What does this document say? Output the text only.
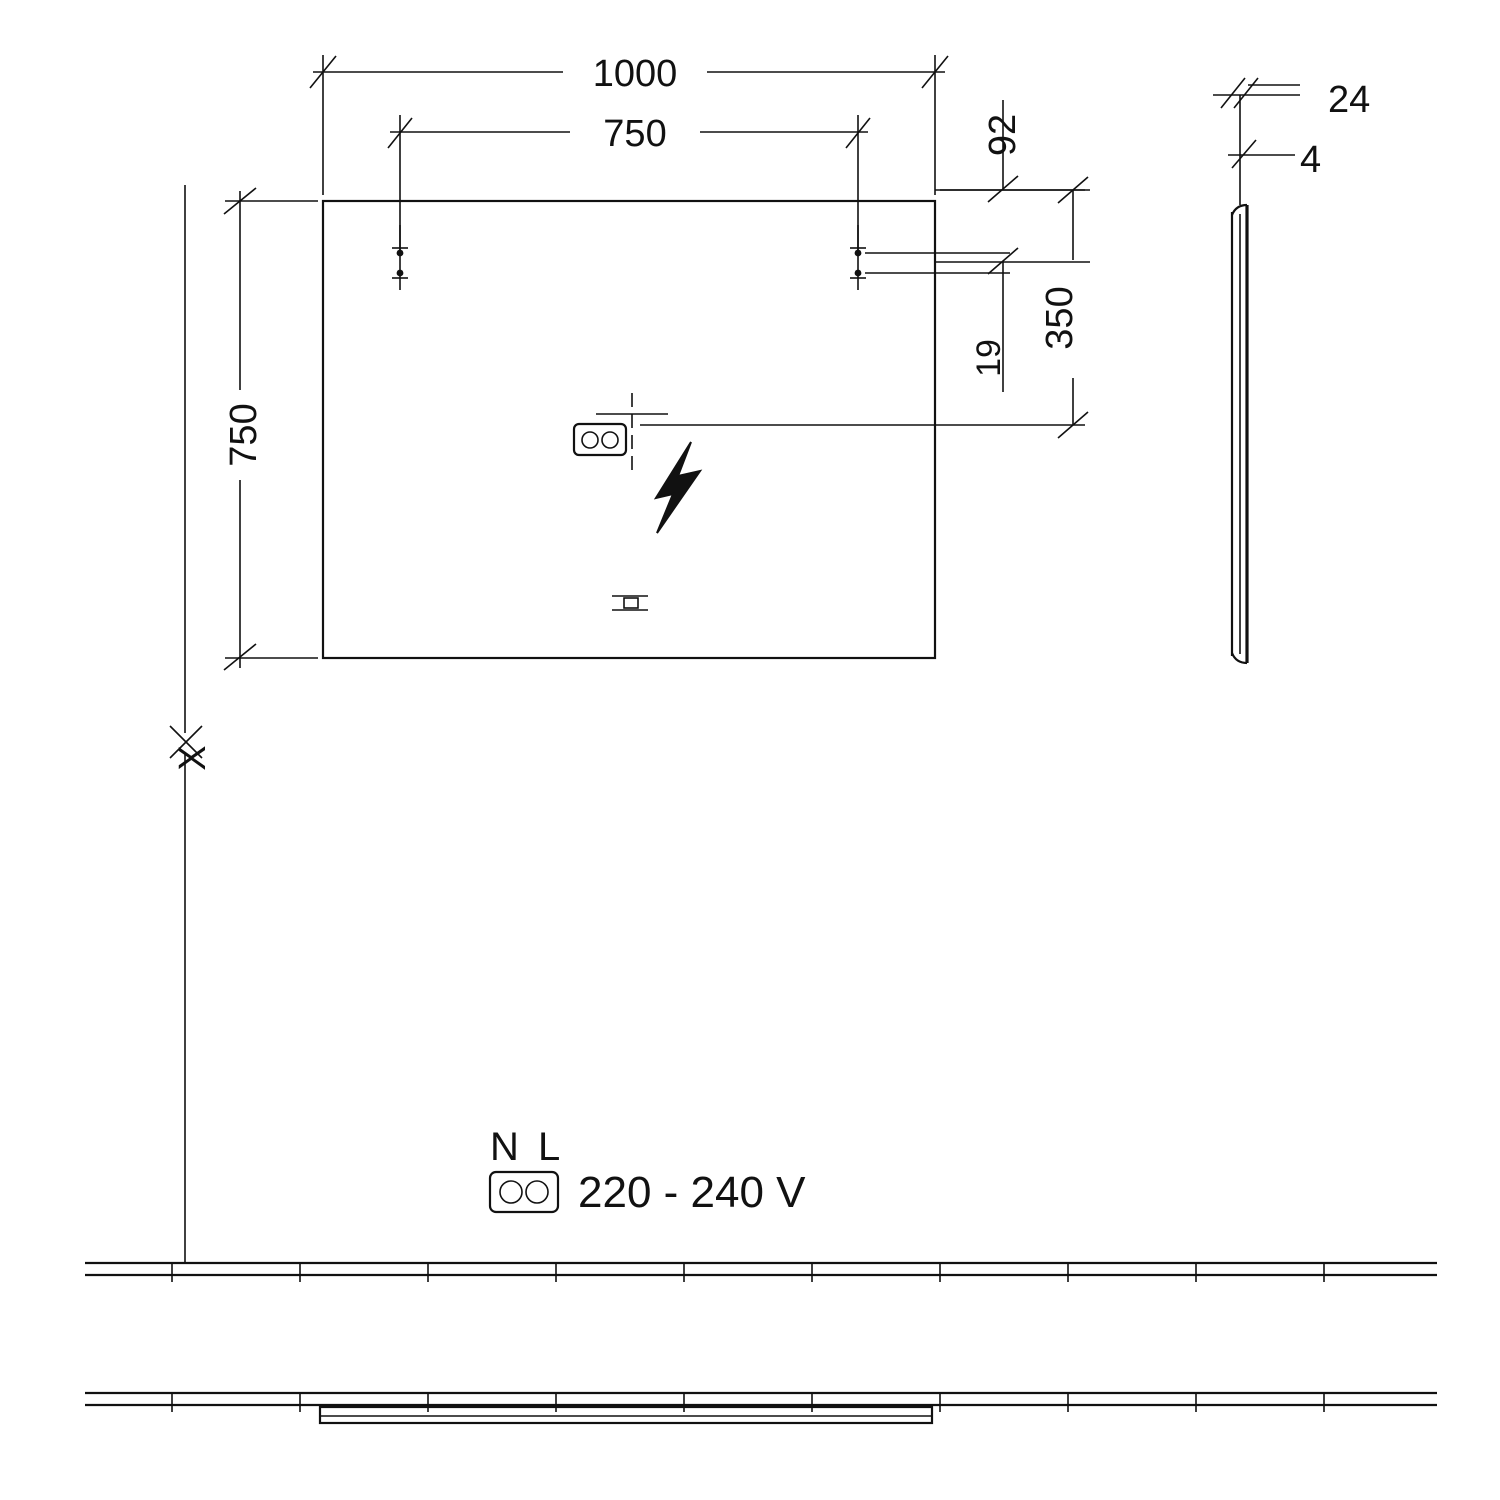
1000
750
750
X
92
19
350
24
4
N L
220 - 240 V
